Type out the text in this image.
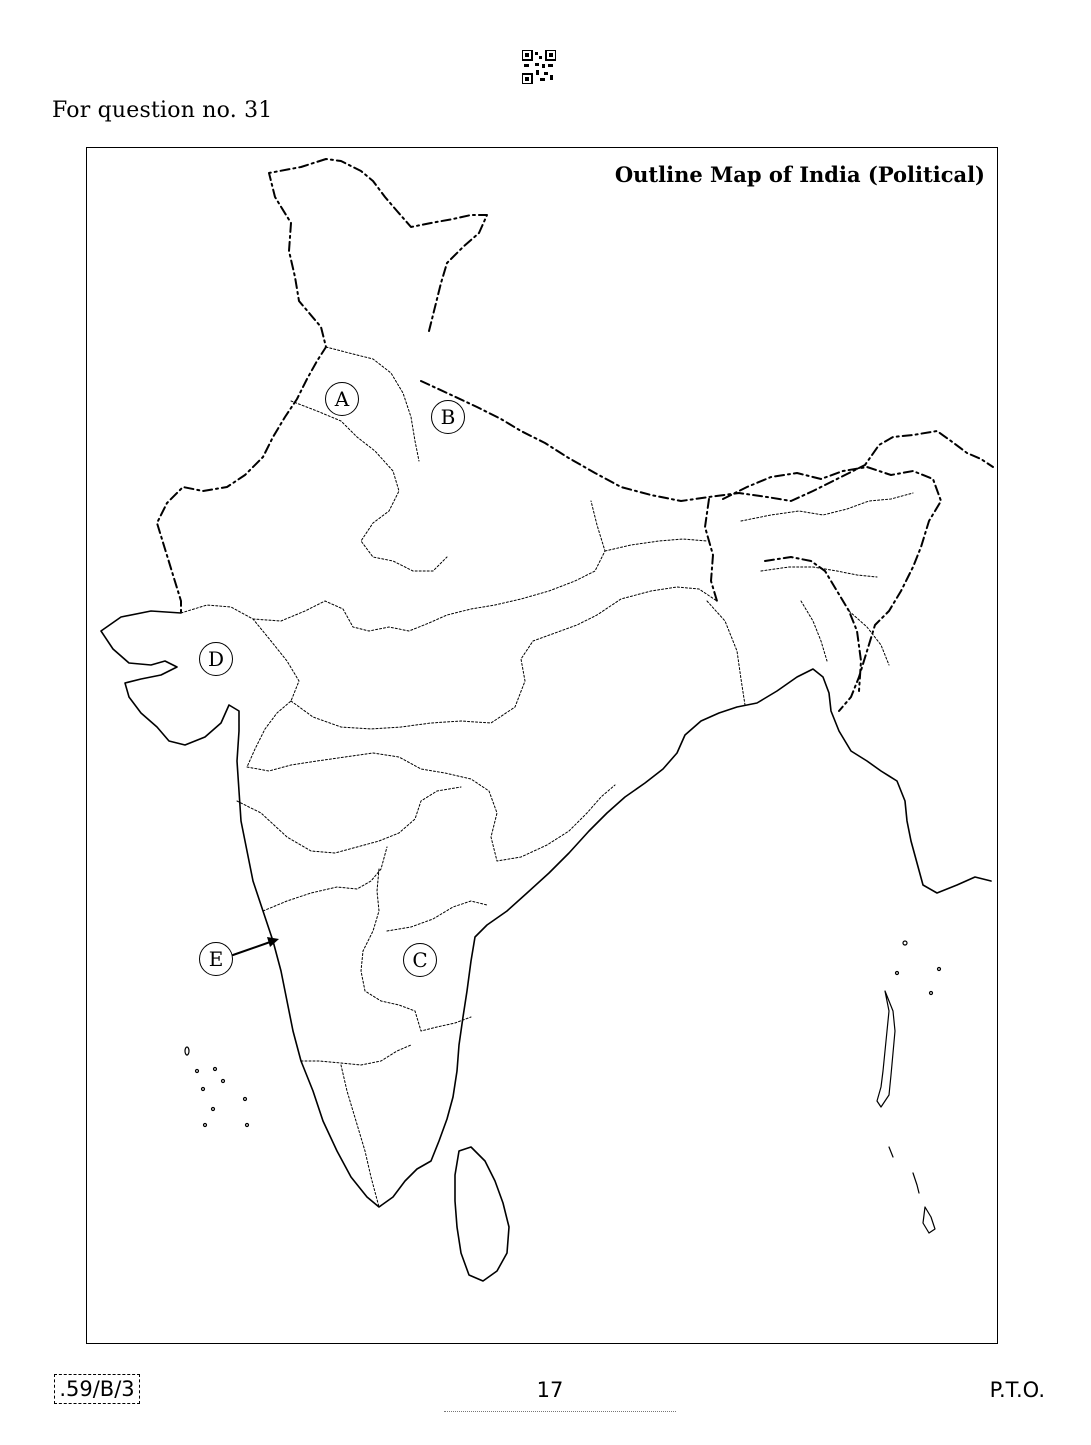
For question no. 31
Outline Map of India (Political)
A
B
C
D
E
.59/B/3	17	P.T.O.
